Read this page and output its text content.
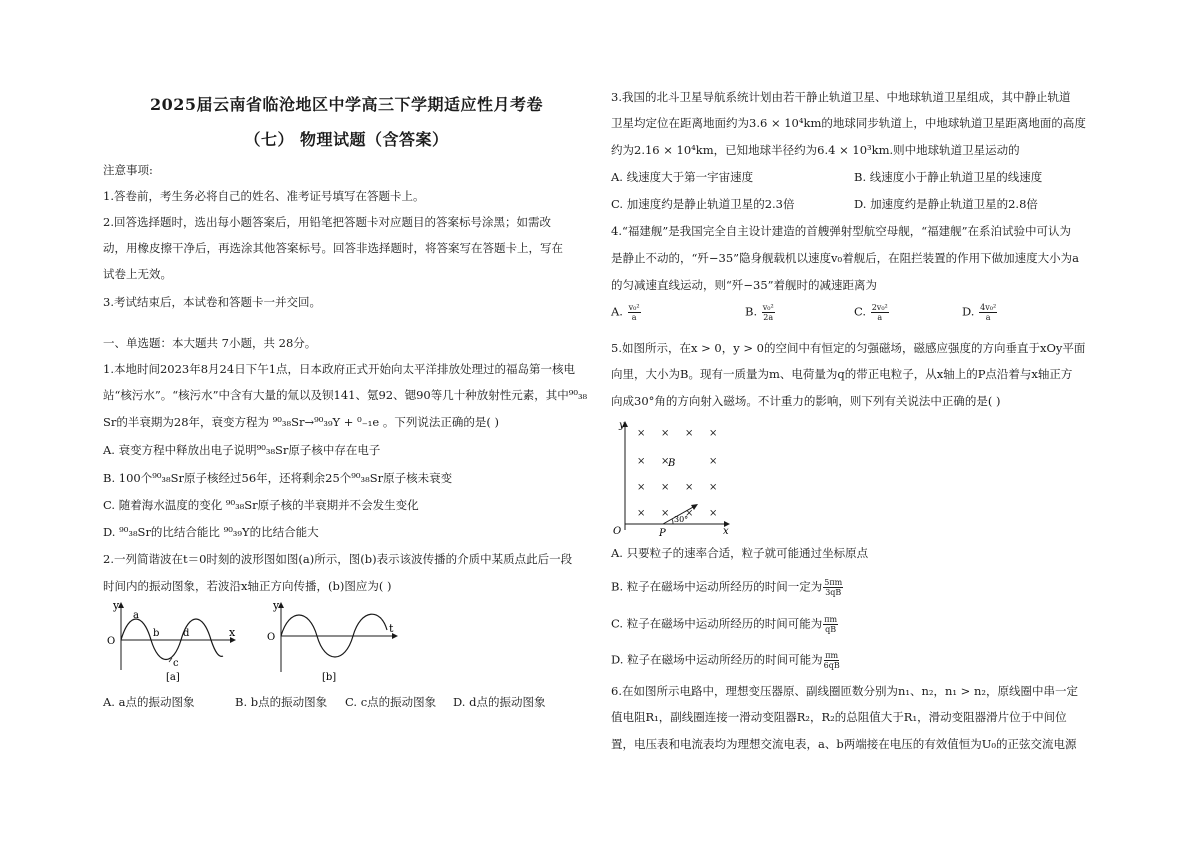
2025届云南省临沧地区中学高三下学期适应性月考卷
（七） 物理试题（含答案）
注意事项:
1.答卷前，考生务必将自己的姓名、准考证号填写在答题卡上。
2.回答选择题时，选出每小题答案后，用铅笔把答题卡对应题目的答案标号涂黑；如需改
动，用橡皮擦干净后，再选涂其他答案标号。回答非选择题时，将答案写在答题卡上，写在
试卷上无效。
3.考试结束后，本试卷和答题卡一并交回。
一、单选题：本大题共 7小题，共 28分。
1.本地时间2023年8月24日下午1点，日本政府正式开始向太平洋排放处理过的福岛第一核电
站“核污水”。“核污水”中含有大量的氚以及钡141、氪92、锶90等几十种放射性元素，其中⁹⁰₃₈
Sr的半衰期为28年，衰变方程为 ⁹⁰₃₈Sr→⁹⁰₃₉Y + ⁰₋₁e 。下列说法正确的是( )
A. 衰变方程中释放出电子说明⁹⁰₃₈Sr原子核中存在电子
B. 100个⁹⁰₃₈Sr原子核经过56年，还将剩余25个⁹⁰₃₈Sr原子核未衰变
C. 随着海水温度的变化 ⁹⁰₃₈Sr原子核的半衰期并不会发生变化
D. ⁹⁰₃₈Sr的比结合能比 ⁹⁰₃₉Y的比结合能大
2.一列简谐波在t＝0时刻的波形图如图(a)所示，图(b)表示该波传播的介质中某质点此后一段
时间内的振动图象，若波沿x轴正方向传播，(b)图应为( )
y
x
O
a
b
c
d
[a]
y
t
O
[b]
A. a点的振动图象	B. b点的振动图象 C. c点的振动图象 D. d点的振动图象
3.我国的北斗卫星导航系统计划由若干静止轨道卫星、中地球轨道卫星组成，其中静止轨道
卫星均定位在距离地面约为3.6 × 10⁴km的地球同步轨道上，中地球轨道卫星距离地面的高度
约为2.16 × 10⁴km，已知地球半径约为6.4 × 10³km.则中地球轨道卫星运动的
A. 线速度大于第一宇宙速度	B. 线速度小于静止轨道卫星的线速度
C. 加速度约是静止轨道卫星的2.3倍	D. 加速度约是静止轨道卫星的2.8倍
4.“福建舰”是我国完全自主设计建造的首艘弹射型航空母舰，“福建舰”在系泊试验中可认为
是静止不动的，“歼−35”隐身舰载机以速度v₀着舰后，在阻拦装置的作用下做加速度大小为a
的匀减速直线运动，则“歼−35”着舰时的减速距离为
A. $\frac{\text{v₀²}}{a}$	B. $\frac{\text{v₀²}}{2a}$	C. $\frac{\text{2v₀²}}{a}$	D. $\frac{\text{4v₀²}}{a}$
5.如图所示，在x > 0，y > 0的空间中有恒定的匀强磁场，磁感应强度的方向垂直于xOy平面
向里，大小为B。现有一质量为m、电荷量为q的带正电粒子，从x轴上的P点沿着与x轴正方
向成30°角的方向射入磁场。不计重力的影响，则下列有关说法中正确的是( )
× × × ×
× ×	×
× × × ×
× × × ×
y
x
O	P
B
30°
A. 只要粒子的速率合适，粒子就可能通过坐标原点
B. 粒子在磁场中运动所经历的时间一定为 $\frac{5\pi m}{3qB}$
C. 粒子在磁场中运动所经历的时间可能为 $\frac{\pi m}{qB}$
D. 粒子在磁场中运动所经历的时间可能为 $\frac{\pi m}{6qB}$
6.在如图所示电路中，理想变压器原、副线圈匝数分别为n₁、n₂，n₁ > n₂，原线圈中串一定
值电阻R₁，副线圈连接一滑动变阻器R₂，R₂的总阻值大于R₁，滑动变阻器滑片位于中间位
置，电压表和电流表均为理想交流电表，a、b两端接在电压的有效值恒为U₀的正弦交流电源
